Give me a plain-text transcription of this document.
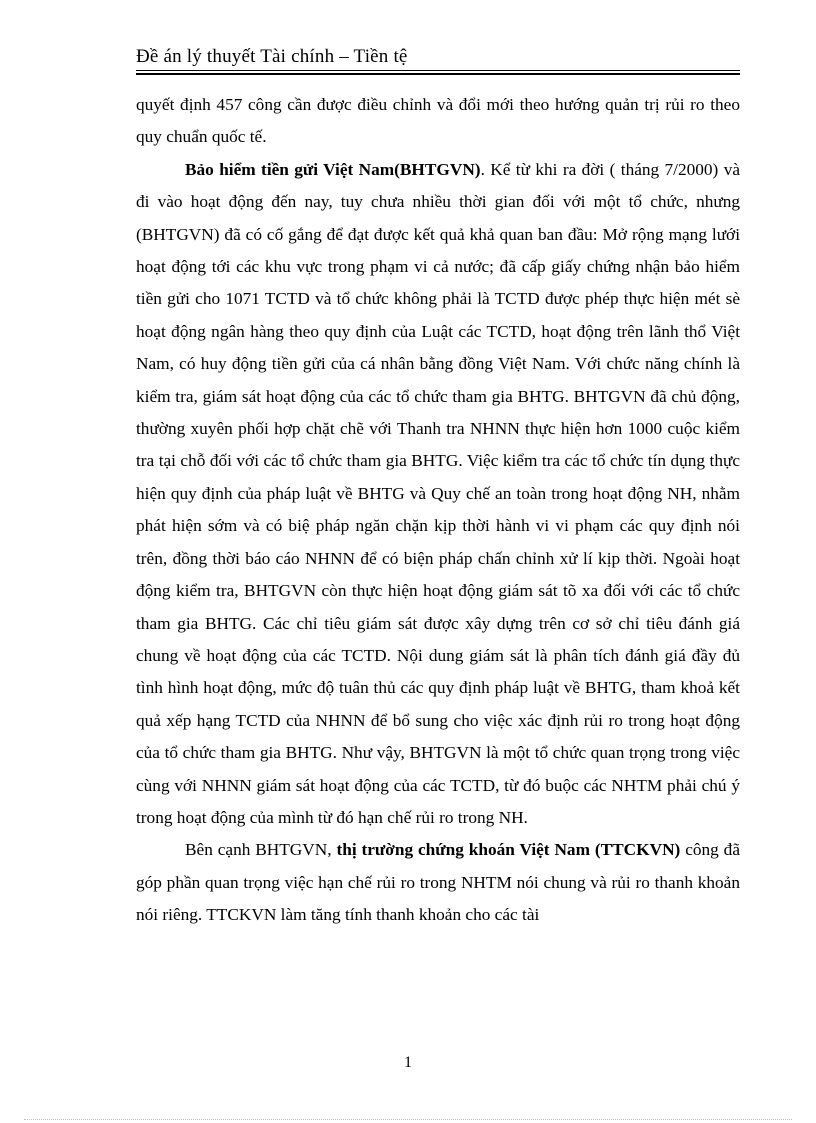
Đề án lý thuyết Tài chính – Tiền tệ

quyết định 457 công cần được điều chỉnh và đổi mới theo hướng quản trị rủi ro theo quy chuẩn quốc tế.

Bảo hiểm tiền gửi Việt Nam(BHTGVN). Kể từ khi ra đời ( tháng 7/2000) và đi vào hoạt động đến nay, tuy chưa nhiều thời gian đối với một tổ chức, nhưng (BHTGVN) đã có cố gắng để đạt được kết quả khả quan ban đầu: Mở rộng mạng lưới hoạt động tới các khu vực trong phạm vi cả nước; đã cấp giấy chứng nhận bảo hiểm tiền gửi cho 1071 TCTD và tổ chức không phải là TCTD được phép thực hiện mét sè hoạt động ngân hàng theo quy định của Luật các TCTD, hoạt động trên lãnh thổ Việt Nam, có huy động tiền gửi của cá nhân bằng đồng Việt Nam. Với chức năng chính là kiểm tra, giám sát hoạt động của các tổ chức tham gia BHTG. BHTGVN đã chủ động, thường xuyên phối hợp chặt chẽ với Thanh tra NHNN thực hiện hơn 1000 cuộc kiểm tra tại chỗ đối với các tổ chức tham gia BHTG. Việc kiểm tra các tổ chức tín dụng thực hiện quy định của pháp luật về BHTG và Quy chế an toàn trong hoạt động NH, nhằm phát hiện sớm và có biệ pháp ngăn chặn kịp thời hành vi vi phạm các quy định nói trên, đồng thời báo cáo NHNN để có biện pháp chấn chỉnh xử lí kịp thời. Ngoài hoạt động kiểm tra, BHTGVN còn thực hiện hoạt động giám sát tõ xa đối với các tổ chức tham gia BHTG. Các chỉ tiêu giám sát được xây dựng trên cơ sở chỉ tiêu đánh giá chung về hoạt động của các TCTD. Nội dung giám sát là phân tích đánh giá đầy đủ tình hình hoạt động, mức độ tuân thủ các quy định pháp luật về BHTG, tham khoả kết quả xếp hạng TCTD của NHNN để bổ sung cho việc xác định rủi ro trong hoạt động của tổ chức tham gia BHTG. Như vậy, BHTGVN là một tổ chức quan trọng trong việc cùng với NHNN giám sát hoạt động của các TCTD, từ đó buộc các NHTM phải chú ý trong hoạt động của mình từ đó hạn chế rủi ro trong NH.

Bên cạnh BHTGVN, thị trường chứng khoán Việt Nam (TTCKVN) công đã góp phần quan trọng việc hạn chế rủi ro trong NHTM nói chung và rủi ro thanh khoản nói riêng. TTCKVN làm tăng tính thanh khoản cho các tài

1
